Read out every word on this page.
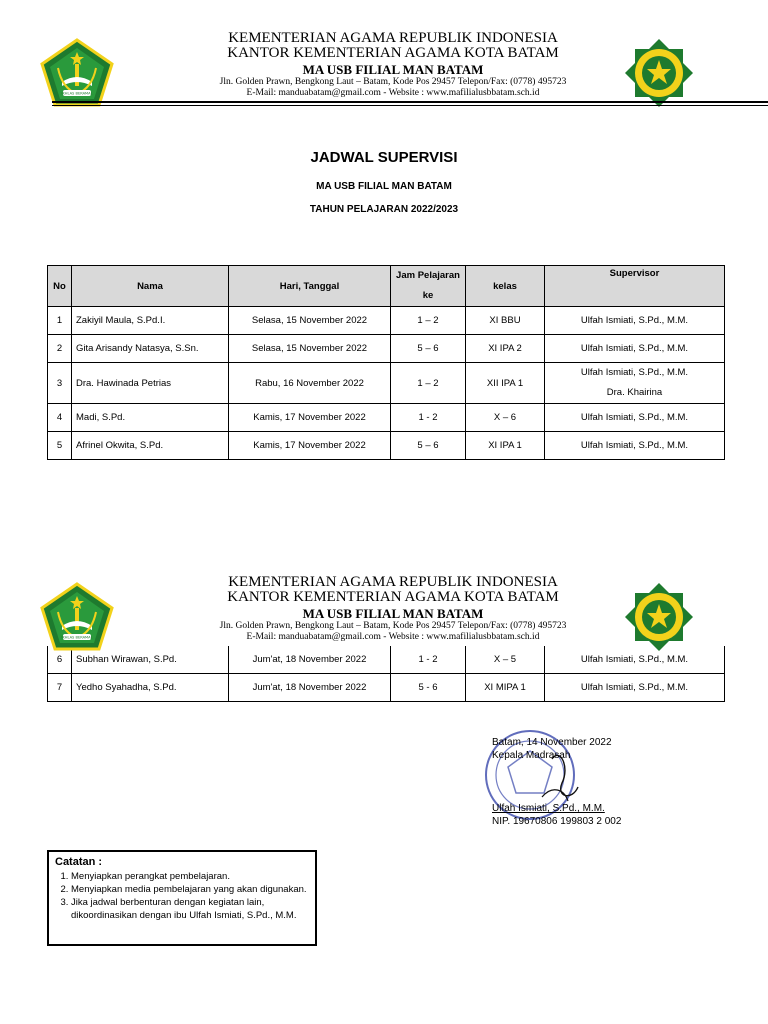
IKHLAS BERAMAL
KEMENTERIAN AGAMA REPUBLIK INDONESIA
KANTOR KEMENTERIAN AGAMA KOTA BATAM
MA USB FILIAL MAN BATAM
Jln. Golden Prawn, Bengkong Laut – Batam, Kode Pos 29457 Telepon/Fax: (0778) 495723
E-Mail: manduabatam@gmail.com - Website : www.mafilialusbbatam.sch.id
JADWAL SUPERVISI
MA USB FILIAL MAN BATAM
TAHUN PELAJARAN 2022/2023
No	Nama	Hari, Tanggal	Jam Pelajaran ke	kelas	Supervisor
1	Zakiyil Maula, S.Pd.I.	Selasa, 15 November 2022	1 – 2	XI BBU	Ulfah Ismiati, S.Pd., M.M.
2	Gita Arisandy Natasya, S.Sn.	Selasa, 15 November 2022	5 – 6	XI IPA 2	Ulfah Ismiati, S.Pd., M.M.
3	Dra. Hawinada Petrias	Rabu, 16 November 2022	1 – 2	XII IPA 1	Ulfah Ismiati, S.Pd., M.M.
Dra. Khairina

4	Madi, S.Pd.	Kamis, 17 November 2022	1 - 2	X – 6	Ulfah Ismiati, S.Pd., M.M.
5	Afrinel Okwita, S.Pd.	Kamis, 17 November 2022	5 – 6	XI IPA 1	Ulfah Ismiati, S.Pd., M.M.
6	Subhan Wirawan, S.Pd.	Jum'at, 18 November 2022	1 - 2	X – 5	Ulfah Ismiati, S.Pd., M.M.
7	Yedho Syahadha, S.Pd.	Jum'at, 18 November 2022	5 - 6	XI MIPA 1	Ulfah Ismiati, S.Pd., M.M.
IKHLAS BERAMAL
KEMENTERIAN AGAMA REPUBLIK INDONESIA
KANTOR KEMENTERIAN AGAMA KOTA BATAM
MA USB FILIAL MAN BATAM
Jln. Golden Prawn, Bengkong Laut – Batam, Kode Pos 29457 Telepon/Fax: (0778) 495723
E-Mail: manduabatam@gmail.com - Website : www.mafilialusbbatam.sch.id
Batam, 14 November 2022
Kepala Madrasah
Ulfah Ismiati, S.Pd., M.M.
NIP. 19670806 199803 2 002
Catatan :
1. Menyiapkan perangkat pembelajaran.
2. Menyiapkan media pembelajaran yang akan digunakan.
3. Jika jadwal berbenturan dengan kegiatan lain, dikoordinasikan dengan ibu Ulfah Ismiati, S.Pd., M.M.
